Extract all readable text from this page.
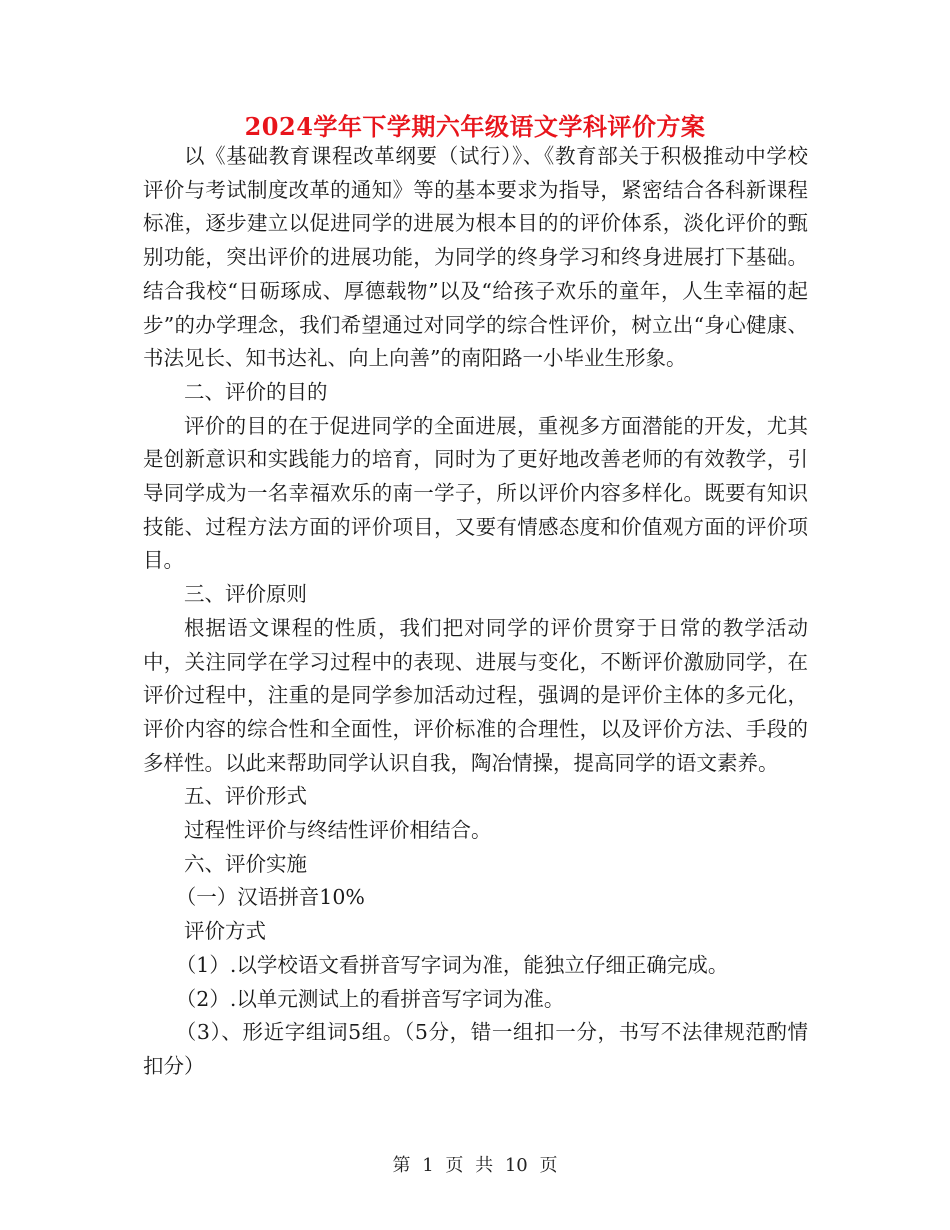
2024学年下学期六年级语文学科评价方案

以《基础教育课程改革纲要（试行）》、《教育部关于积极推动中学校评价与考试制度改革的通知》等的基本要求为指导，紧密结合各科新课程标准，逐步建立以促进同学的进展为根本目的的评价体系，淡化评价的甄别功能，突出评价的进展功能，为同学的终身学习和终身进展打下基础。结合我校“日砺琢成、厚德载物”以及“给孩子欢乐的童年，人生幸福的起步”的办学理念，我们希望通过对同学的综合性评价，树立出“身心健康、书法见长、知书达礼、向上向善”的南阳路一小毕业生形象。

二、评价的目的

评价的目的在于促进同学的全面进展，重视多方面潜能的开发，尤其是创新意识和实践能力的培育，同时为了更好地改善老师的有效教学，引导同学成为一名幸福欢乐的南一学子，所以评价内容多样化。既要有知识技能、过程方法方面的评价项目，又要有情感态度和价值观方面的评价项目。

三、评价原则

根据语文课程的性质，我们把对同学的评价贯穿于日常的教学活动中，关注同学在学习过程中的表现、进展与变化，不断评价激励同学，在评价过程中，注重的是同学参加活动过程，强调的是评价主体的多元化，评价内容的综合性和全面性，评价标准的合理性，以及评价方法、手段的多样性。以此来帮助同学认识自我，陶冶情操，提高同学的语文素养。

五、评价形式

过程性评价与终结性评价相结合。

六、评价实施

（一）汉语拼音10%

评价方式

（1）.以学校语文看拼音写字词为准，能独立仔细正确完成。

（2）.以单元测试上的看拼音写字词为准。

（3）、形近字组词5组。（5分，错一组扣一分，书写不法律规范酌情扣分）

第 1 页 共 10 页
